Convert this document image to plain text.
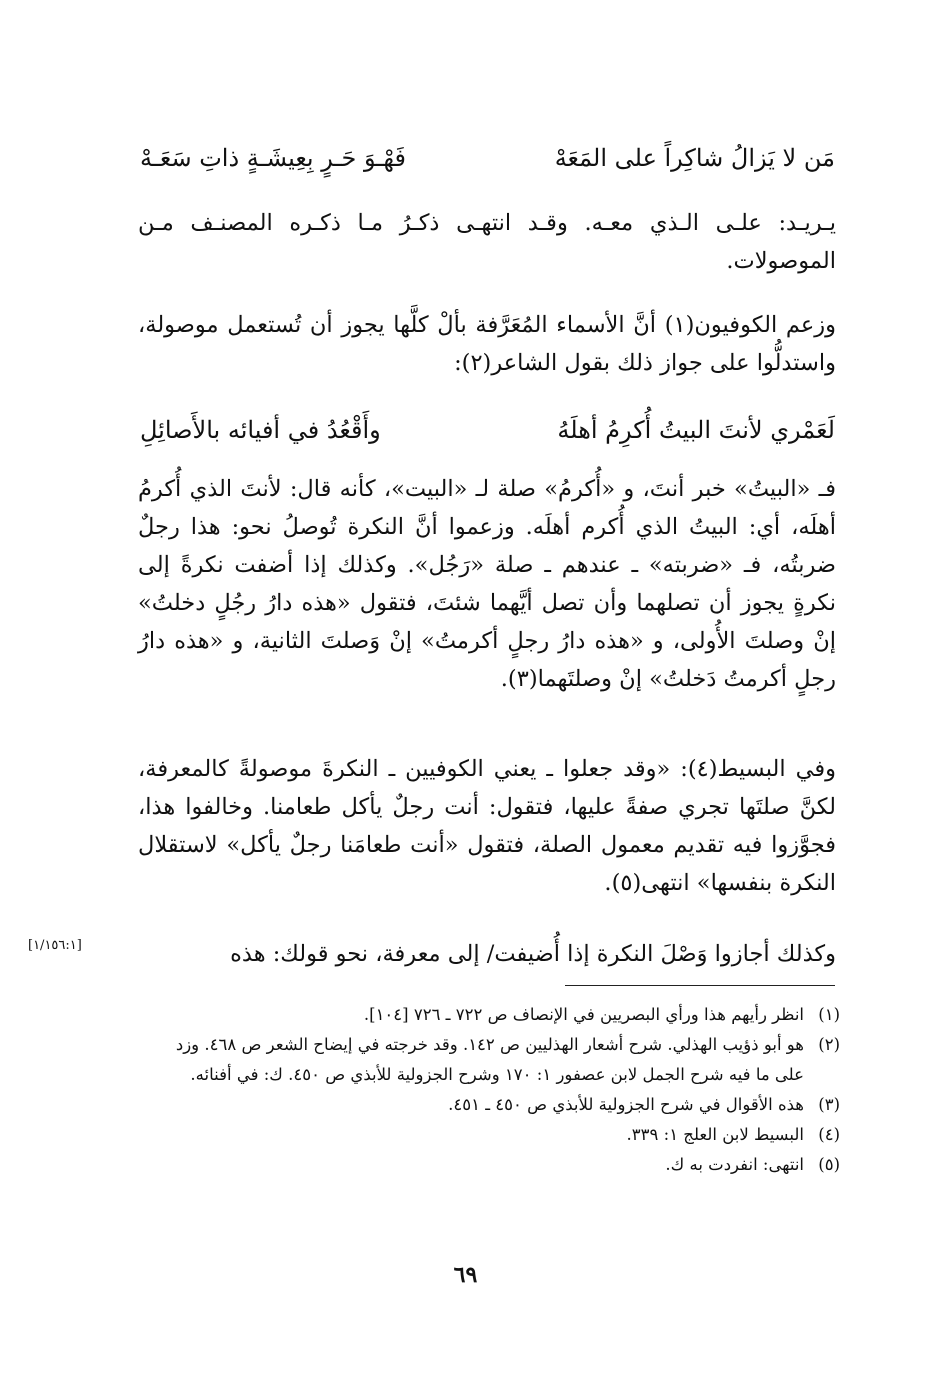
مَن لا يَزالُ شاكِراً على المَعَهْ
فَهْـوَ حَـرٍ بِعِيشَـةٍ ذاتِ سَعَـهْ

يـريـد: علـى الـذي معـه. وقـد انتهـى ذكـرُ مـا ذكـره المصنـف مـن الموصولات.

وزعم الكوفيون(١) أنَّ الأسماء المُعَرَّفة بألْ كلَّها يجوز أن تُستعمل موصولة، واستدلُّوا على جواز ذلك بقول الشاعر(٢):

لَعَمْري لأنتَ البيتُ أُكرِمُ أهلَهُ
وأَقْعُدُ في أفيائه بالأَصائِلِ

فـ «البيتُ» خبر أنتَ، و «أُكرمُ» صلة لـ «البيت»، كأنه قال: لأنتَ الذي أُكرمُ أهلَه، أي: البيتُ الذي أُكرم أهلَه. وزعموا أنَّ النكرة تُوصلُ نحو: هذا رجلٌ ضربتُه، فـ «ضربته» ـ عندهم ـ صلة «رَجُل». وكذلك إذا أضفت نكرةً إلى نكرةٍ يجوز أن تصلهما وأن تصل أيَّهما شئتَ، فتقول «هذه دارُ رجُلٍ دخلتُ» إنْ وصلتَ الأُولى، و «هذه دارُ رجلٍ أكرمتُ» إنْ وَصلتَ الثانية، و «هذه دارُ رجلٍ أكرمتُ دَخلتُ» إنْ وصلتَهما(٣).

وفي البسيط(٤): «وقد جعلوا ـ يعني الكوفيين ـ النكرةَ موصولةً كالمعرفة، لكنَّ صلتَها تجري صفةً عليها، فتقول: أنت رجلٌ يأكل طعامنا. وخالفوا هذا، فجوَّزوا فيه تقديم معمول الصلة، فتقول «أنت طعامَنا رجلٌ يأكل» لاستقلال النكرة بنفسها» انتهى(٥).

وكذلك أجازوا وَصْلَ النكرة إذا أُضيفت/ إلى معرفة، نحو قولك: هذه

[١/١٥٦:١]
(١)
انظر رأيهم هذا ورأي البصريين في الإنصاف ص ٧٢٢ ـ ٧٢٦ [١٠٤].
(٢)
هو أبو ذؤيب الهذلي. شرح أشعار الهذليين ص ١٤٢. وقد خرجته في إيضاح الشعر ص ٤٦٨. وزد على ما فيه شرح الجمل لابن عصفور ١: ١٧٠ وشرح الجزولية للأبذي ص ٤٥٠. ك: في أفنائه.
(٣)
هذه الأقوال في شرح الجزولية للأبذي ص ٤٥٠ ـ ٤٥١.
(٤)
البسيط لابن العلج ١: ٣٣٩.
(٥)
انتهى: انفردت به ك.
٦٩
